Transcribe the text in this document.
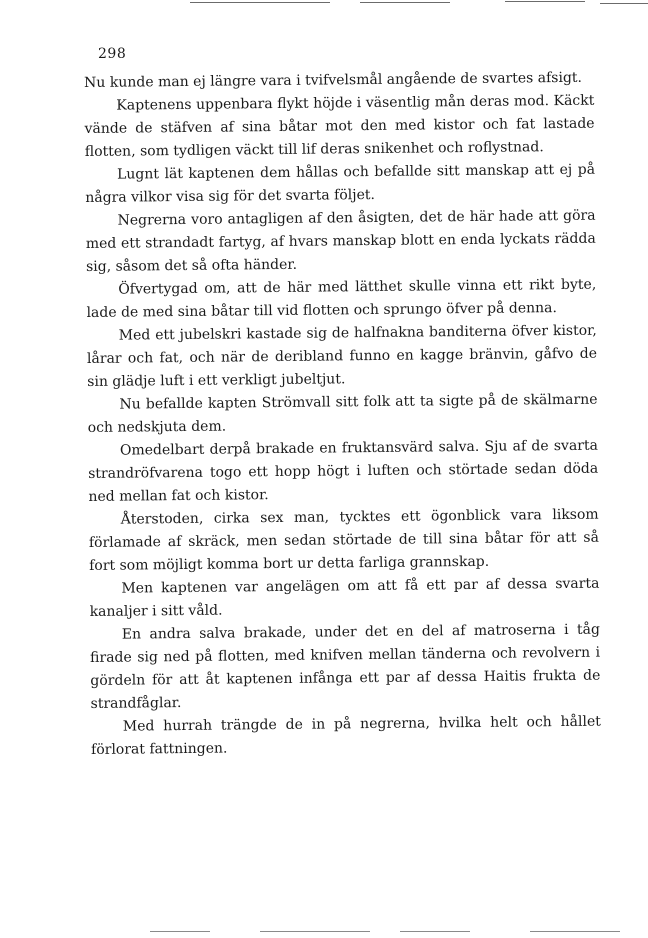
298

Nu kunde man ej längre vara i tvifvelsmål angående de svartes afsigt.

Kaptenens uppenbara flykt höjde i väsentlig mån deras mod. Käckt vände de stäfven af sina båtar mot den med kistor och fat lastade flotten, som tydligen väckt till lif deras snikenhet och roflystnad.

Lugnt lät kaptenen dem hållas och befallde sitt manskap att ej på några vilkor visa sig för det svarta följet.

Negrerna voro antagligen af den åsigten, det de här hade att göra med ett strandadt fartyg, af hvars manskap blott en enda lyckats rädda sig, såsom det så ofta händer.

Öfvertygad om, att de här med lätthet skulle vinna ett rikt byte, lade de med sina båtar till vid flotten och sprungo öfver på denna.

Med ett jubelskri kastade sig de halfnakna banditerna öfver kistor, lårar och fat, och när de deribland funno en kagge bränvin, gåfvo de sin glädje luft i ett verkligt jubeltjut.

Nu befallde kapten Strömvall sitt folk att ta sigte på de skälmarne och nedskjuta dem.

Omedelbart derpå brakade en fruktansvärd salva. Sju af de svarta strandröfvarena togo ett hopp högt i luften och störtade sedan döda ned mellan fat och kistor.

Återstoden, cirka sex man, tycktes ett ögonblick vara liksom förlamade af skräck, men sedan störtade de till sina båtar för att så fort som möjligt komma bort ur detta farliga grannskap.

Men kaptenen var angelägen om att få ett par af dessa svarta kanaljer i sitt våld.

En andra salva brakade, under det en del af matroserna i tåg firade sig ned på flotten, med knifven mellan tänderna och revolvern i gördeln för att åt kaptenen infånga ett par af dessa Haitis frukta de strandfåglar.

Med hurrah trängde de in på negrerna, hvilka helt och hållet förlorat fattningen.
